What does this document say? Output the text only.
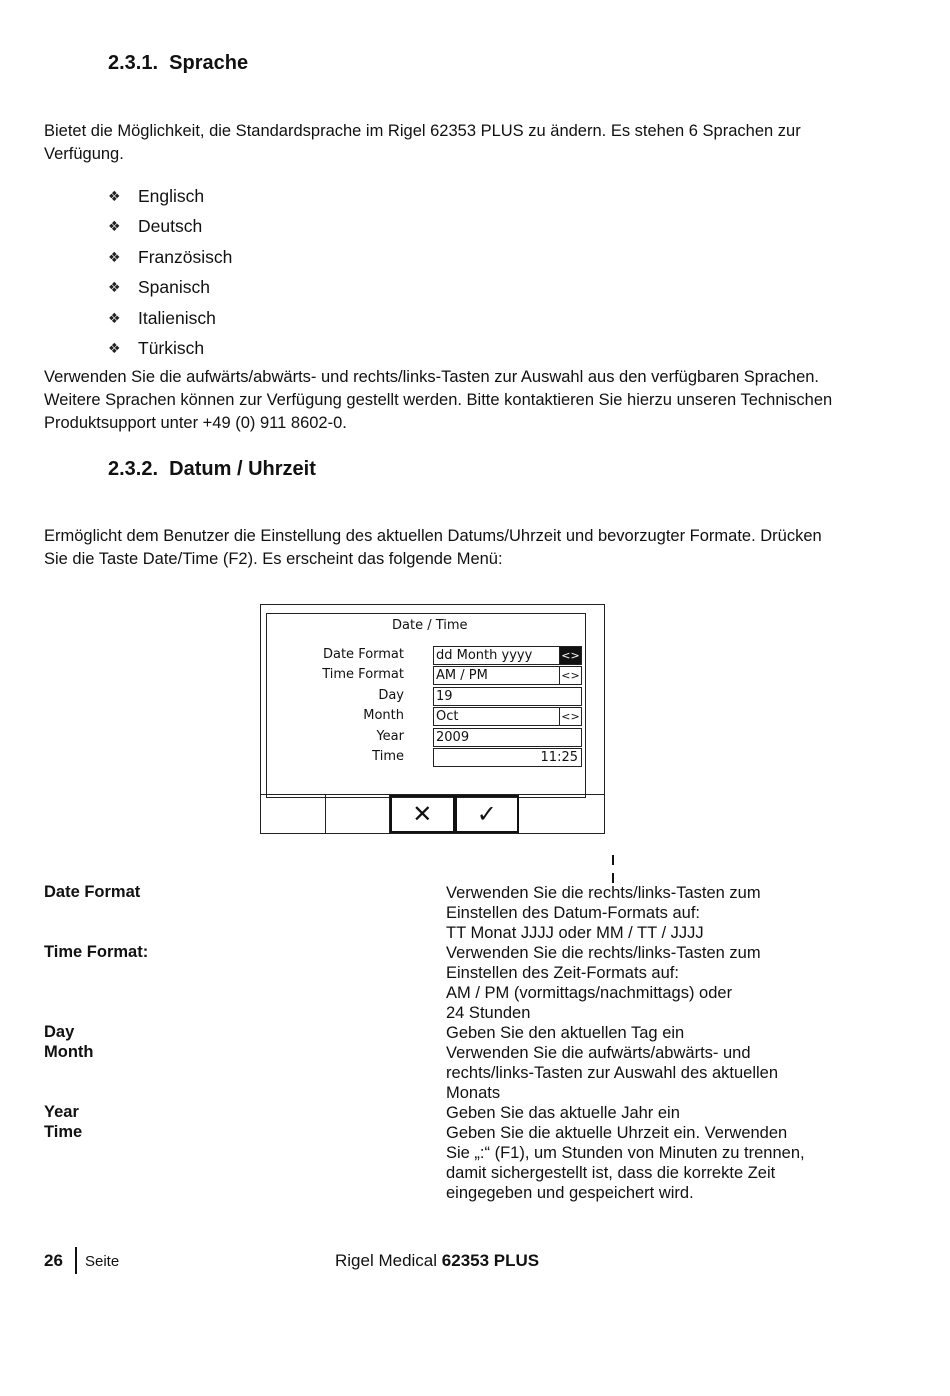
2.3.1. Sprache

Bietet die Möglichkeit, die Standardsprache im Rigel 62353 PLUS zu ändern. Es stehen 6 Sprachen zur Verfügung.

❖ Englisch
❖ Deutsch
❖ Französisch
❖ Spanisch
❖ Italienisch
❖ Türkisch

Verwenden Sie die aufwärts/abwärts- und rechts/links-Tasten zur Auswahl aus den verfügbaren Sprachen. Weitere Sprachen können zur Verfügung gestellt werden. Bitte kontaktieren Sie hierzu unseren Technischen Produktsupport unter +49 (0) 911 8602-0.

2.3.2. Datum / Uhrzeit

Ermöglicht dem Benutzer die Einstellung des aktuellen Datums/Uhrzeit und bevorzugter Formate. Drücken Sie die Taste Date/Time (F2). Es erscheint das folgende Menü:

Date / Time
Date Format dd Month yyyy	<>
Time Format AM / PM	<>
Day 19
Month Oct	<>
Year 2009
Time	11:25
✕ ✓
Date Format	Verwenden Sie die rechts/links-Tasten zum
Einstellen des Datum-Formats auf:
TT Monat JJJJ oder MM / TT / JJJJ
Time Format:	Verwenden Sie die rechts/links-Tasten zum
Einstellen des Zeit-Formats auf:
AM / PM (vormittags/nachmittags) oder
24 Stunden
Day	Geben Sie den aktuellen Tag ein
Month	Verwenden Sie die aufwärts/abwärts- und
rechts/links-Tasten zur Auswahl des aktuellen
Monats
Year	Geben Sie das aktuelle Jahr ein
Time	Geben Sie die aktuelle Uhrzeit ein. Verwenden
Sie „:“ (F1), um Stunden von Minuten zu trennen,
damit sichergestellt ist, dass die korrekte Zeit
eingegeben und gespeichert wird.
26 Seite	Rigel Medical 62353 PLUS
